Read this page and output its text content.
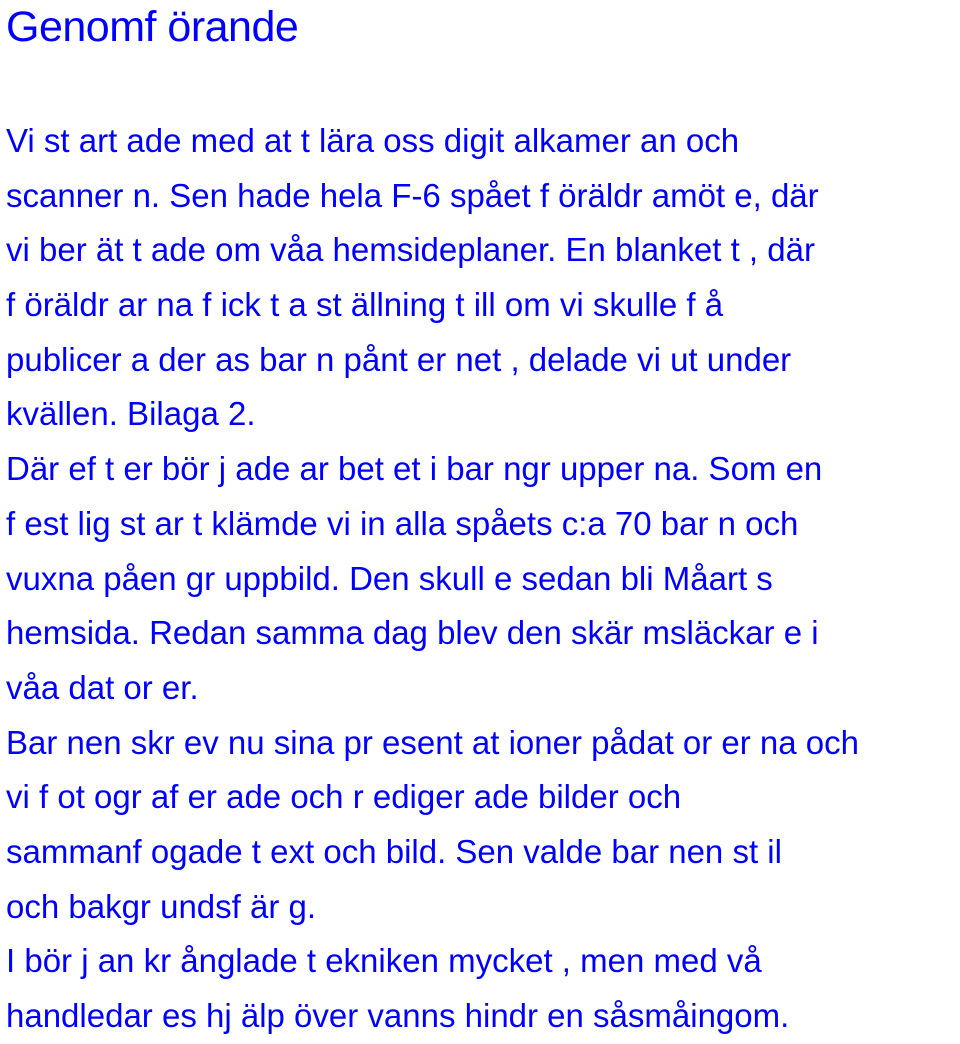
Genomf örande
Vi st art ade med at t lära oss digit alkamer an och
scanner n. Sen hade hela F-6 spået f öräldr amöt e, där
vi ber ät t ade om våa hemsideplaner. En blanket t , där
f öräldr ar na f ick t a st ällning t ill om vi skulle f å
publicer a der as bar n pånt er net , delade vi ut under
kvällen. Bilaga 2.
Där ef t er bör j ade ar bet et i bar ngr upper na. Som en
f est lig st ar t klämde vi in alla spåets c:a 70 bar n och
vuxna påen gr uppbild. Den skull e sedan bli Måart s
hemsida. Redan samma dag blev den skär msläckar e i
våa dat or er.
Bar nen skr ev nu sina pr esent at ioner pådat or er na och
vi f ot ogr af er ade och r ediger ade bilder och
sammanf ogade t ext och bild. Sen valde bar nen st il
och bakgr undsf är g.
I bör j an kr ånglade t ekniken mycket , men med vå
handledar es hj älp över vanns hindr en såsmåingom.
